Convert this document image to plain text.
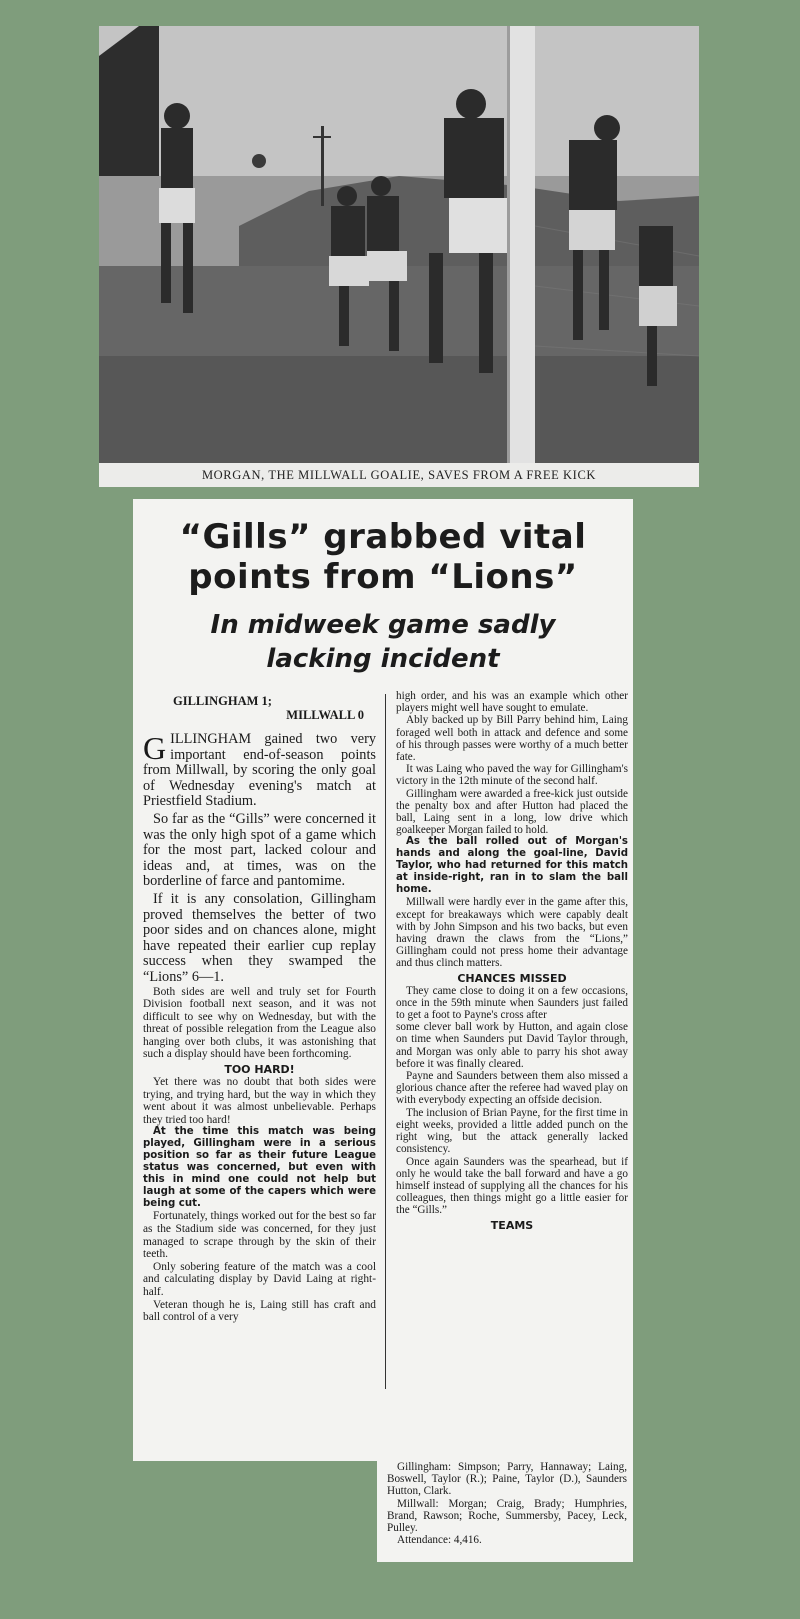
MORGAN, THE MILLWALL GOALIE, SAVES FROM A FREE KICK
“Gills” grabbed vital
points from “Lions”
In midweek game sadly
lacking incident

GILLINGHAM 1;

MILLWALL 0

GILLINGHAM gained two very important end-of-season points from Millwall, by scoring the only goal of Wednesday evening's match at Priestfield Stadium.

So far as the “Gills” were concerned it was the only high spot of a game which for the most part, lacked colour and ideas and, at times, was on the borderline of farce and pantomime.

If it is any consolation, Gillingham proved themselves the better of two poor sides and on chances alone, might have repeated their earlier cup replay success when they swamped the “Lions” 6—1.

Both sides are well and truly set for Fourth Division football next season, and it was not difficult to see why on Wednesday, but with the threat of possible relegation from the League also hanging over both clubs, it was astonishing that such a display should have been forthcoming.

TOO HARD!

Yet there was no doubt that both sides were trying, and trying hard, but the way in which they went about it was almost unbelievable. Perhaps they tried too hard!

At the time this match was being played, Gillingham were in a serious position so far as their future League status was concerned, but even with this in mind one could not help but laugh at some of the capers which were being cut.

Fortunately, things worked out for the best so far as the Stadium side was concerned, for they just managed to scrape through by the skin of their teeth.

Only sobering feature of the match was a cool and calculating display by David Laing at right-half.

Veteran though he is, Laing still has craft and ball control of a very

high order, and his was an example which other players might well have sought to emulate.

Ably backed up by Bill Parry behind him, Laing foraged well both in attack and defence and some of his through passes were worthy of a much better fate.

It was Laing who paved the way for Gillingham's victory in the 12th minute of the second half.

Gillingham were awarded a free-kick just outside the penalty box and after Hutton had placed the ball, Laing sent in a long, low drive which goalkeeper Morgan failed to hold.

As the ball rolled out of Morgan's hands and along the goal-line, David Taylor, who had returned for this match at inside-right, ran in to slam the ball home.

Millwall were hardly ever in the game after this, except for breakaways which were capably dealt with by John Simpson and his two backs, but even having drawn the claws from the “Lions,” Gillingham could not press home their advantage and thus clinch matters.

CHANCES MISSED

They came close to doing it on a few occasions, once in the 59th minute when Saunders just failed to get a foot to Payne's cross after

some clever ball work by Hutton, and again close on time when Saunders put David Taylor through, and Morgan was only able to parry his shot away before it was finally cleared.

Payne and Saunders between them also missed a glorious chance after the referee had waved play on with everybody expecting an offside decision.

The inclusion of Brian Payne, for the first time in eight weeks, provided a little added punch on the right wing, but the attack generally lacked consistency.

Once again Saunders was the spearhead, but if only he would take the ball forward and have a go himself instead of supplying all the chances for his colleagues, then things might go a little easier for the “Gills.”

TEAMS

Gillingham: Simpson; Parry, Hannaway; Laing, Boswell, Taylor (R.); Paine, Taylor (D.), Saunders Hutton, Clark.

Millwall: Morgan; Craig, Brady; Humphries, Brand, Rawson; Roche, Summersby, Pacey, Leck, Pulley.

Attendance: 4,416.
